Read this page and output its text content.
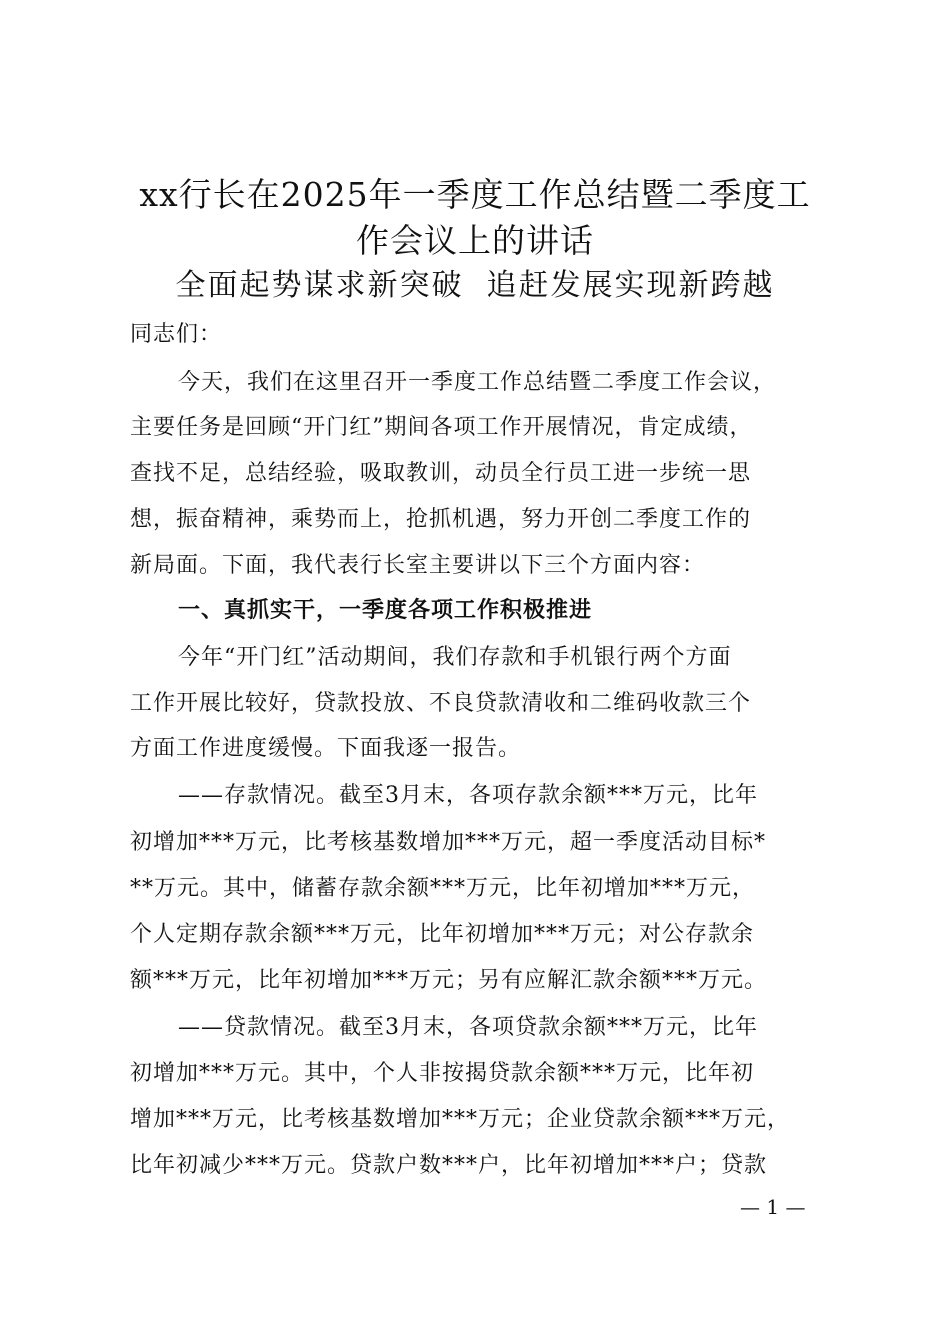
xx行长在2025年一季度工作总结暨二季度工
作会议上的讲话
全面起势谋求新突破  追赶发展实现新跨越
同志们：
今天，我们在这里召开一季度工作总结暨二季度工作会议，
主要任务是回顾“开门红”期间各项工作开展情况，肯定成绩，
查找不足，总结经验，吸取教训，动员全行员工进一步统一思
想，振奋精神，乘势而上，抢抓机遇，努力开创二季度工作的
新局面。下面，我代表行长室主要讲以下三个方面内容：
一、真抓实干，一季度各项工作积极推进
今年“开门红”活动期间，我们存款和手机银行两个方面
工作开展比较好，贷款投放、不良贷款清收和二维码收款三个
方面工作进度缓慢。下面我逐一报告。
——存款情况。截至3月末，各项存款余额***万元，比年
初增加***万元，比考核基数增加***万元，超一季度活动目标*
**万元。其中，储蓄存款余额***万元，比年初增加***万元，
个人定期存款余额***万元，比年初增加***万元；对公存款余
额***万元，比年初增加***万元；另有应解汇款余额***万元。
——贷款情况。截至3月末，各项贷款余额***万元，比年
初增加***万元。其中，个人非按揭贷款余额***万元，比年初
增加***万元，比考核基数增加***万元；企业贷款余额***万元，
比年初减少***万元。贷款户数***户，比年初增加***户；贷款
— 1 —
